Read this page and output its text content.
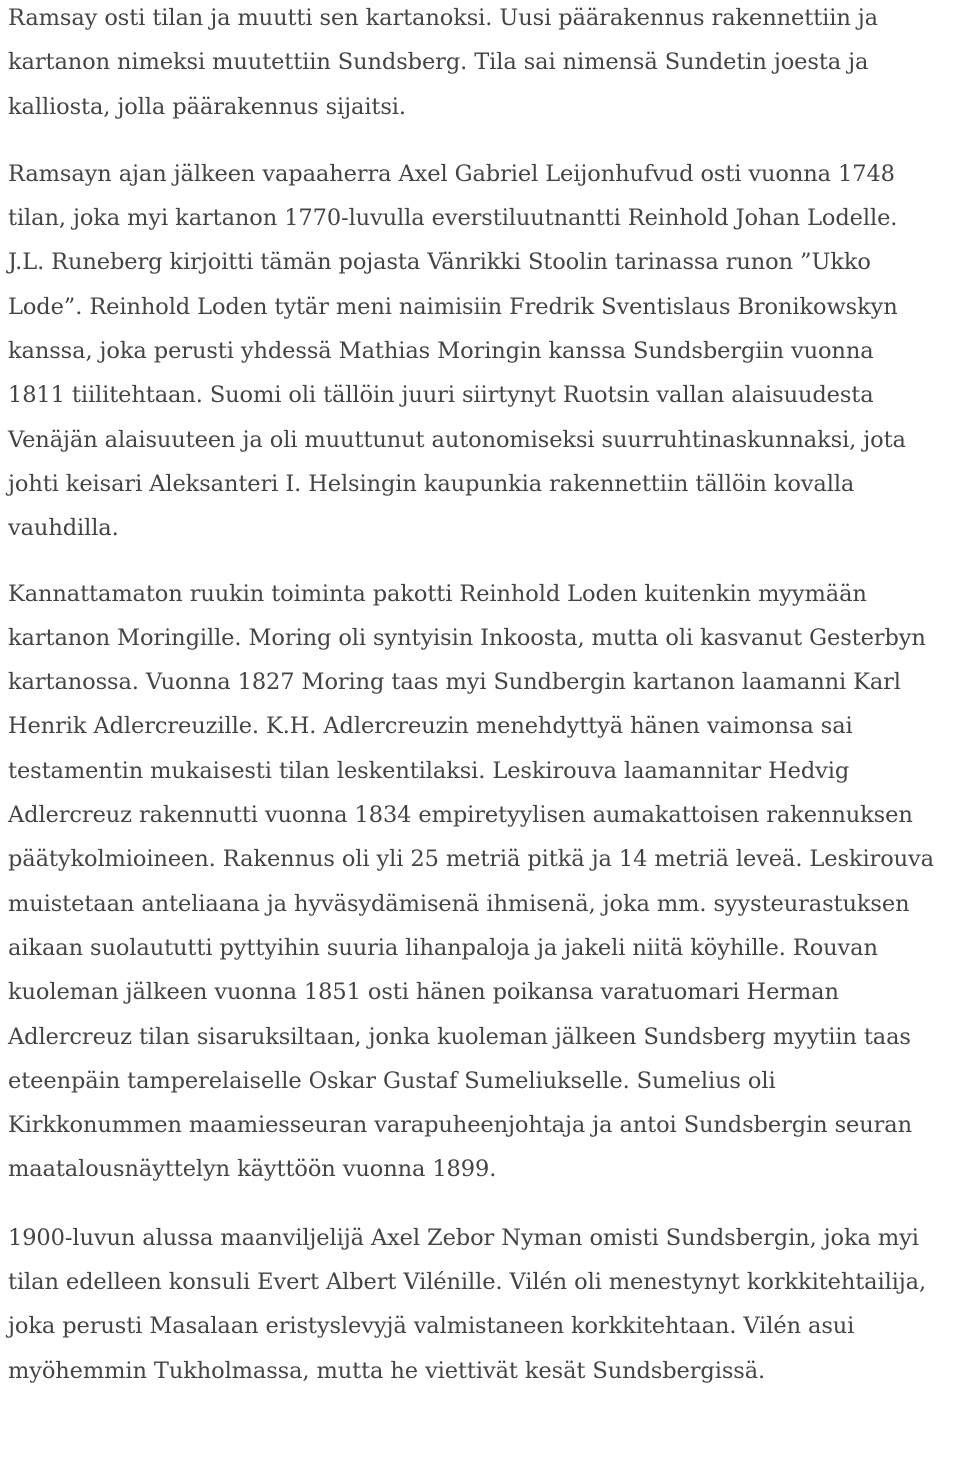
Ramsay osti tilan ja muutti sen kartanoksi. Uusi päärakennus rakennettiin ja kartanon nimeksi muutettiin Sundsberg. Tila sai nimensä Sundetin joesta ja kalliosta, jolla päärakennus sijaitsi.

Ramsayn ajan jälkeen vapaaherra Axel Gabriel Leijonhufvud osti vuonna 1748 tilan, joka myi kartanon 1770-luvulla everstiluutnantti Reinhold Johan Lodelle. J.L. Runeberg kirjoitti tämän pojasta Vänrikki Stoolin tarinassa runon ”Ukko Lode”. Reinhold Loden tytär meni naimisiin Fredrik Sventislaus Bronikowskyn kanssa, joka perusti yhdessä Mathias Moringin kanssa Sundsbergiin vuonna 1811 tiilitehtaan. Suomi oli tällöin juuri siirtynyt Ruotsin vallan alaisuudesta Venäjän alaisuuteen ja oli muuttunut autonomiseksi suurruhtinaskunnaksi, jota johti keisari Aleksanteri I. Helsingin kaupunkia rakennettiin tällöin kovalla vauhdilla.

Kannattamaton ruukin toiminta pakotti Reinhold Loden kuitenkin myymään kartanon Moringille. Moring oli syntyisin Inkoosta, mutta oli kasvanut Gesterbyn kartanossa. Vuonna 1827 Moring taas myi Sundbergin kartanon laamanni Karl Henrik Adlercreuzille. K.H. Adlercreuzin menehdyttyä hänen vaimonsa sai testamentin mukaisesti tilan leskentilaksi. Leskirouva laamannitar Hedvig Adlercreuz rakennutti vuonna 1834 empiretyylisen aumakattoisen rakennuksen päätykolmioineen. Rakennus oli yli 25 metriä pitkä ja 14 metriä leveä. Leskirouva muistetaan anteliaana ja hyväsydämisenä ihmisenä, joka mm. syysteurastuksen aikaan suolaututti pyttyihin suuria lihanpaloja ja jakeli niitä köyhille. Rouvan kuoleman jälkeen vuonna 1851 osti hänen poikansa varatuomari Herman Adlercreuz tilan sisaruksiltaan, jonka kuoleman jälkeen Sundsberg myytiin taas eteenpäin tamperelaiselle Oskar Gustaf Sumeliukselle. Sumelius oli Kirkkonummen maamiesseuran varapuheenjohtaja ja antoi Sundsbergin seuran maatalousnäyttelyn käyttöön vuonna 1899.

1900-luvun alussa maanviljelijä Axel Zebor Nyman omisti Sundsbergin, joka myi tilan edelleen konsuli Evert Albert Vilénille. Vilén oli menestynyt korkkitehtailija, joka perusti Masalaan eristyslevyjä valmistaneen korkkitehtaan. Vilén asui myöhemmin Tukholmassa, mutta he viettivät kesät Sundsbergissä.
